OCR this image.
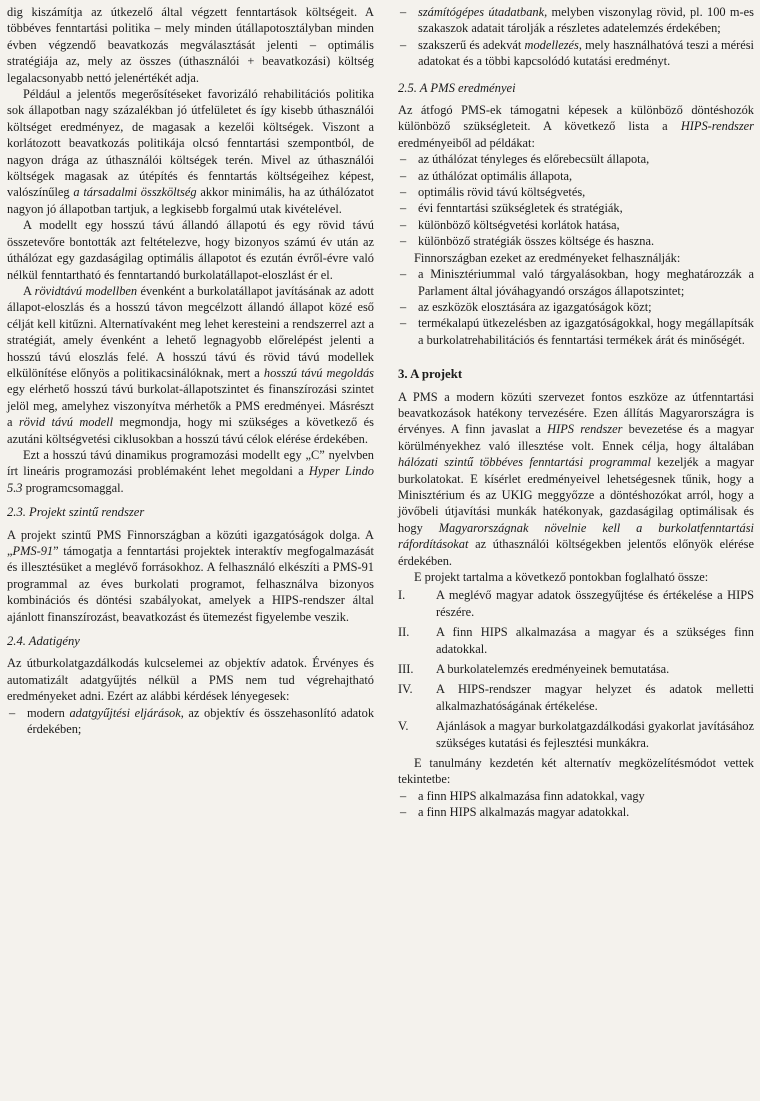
dig kiszámítja az útkezelő által végzett fenntartások költségeit. A többéves fenntartási politika – mely minden útállapotosztályban minden évben végzendő beavatkozás megválasztását jelenti – optimális stratégiája az, mely az összes (úthasználói + beavatkozási) költség legalacsonyabb nettó jelenértékét adja.

Például a jelentős megerősítéseket favorizáló rehabilitációs politika sok állapotban nagy százalékban jó útfelületet és így kisebb úthasználói költséget eredményez, de magasak a kezelői költségek. Viszont a korlátozott beavatkozás politikája olcsó fenntartási szempontból, de nagyon drága az úthasználói költségek terén. Mivel az úthasználói költségek magasak az útépítés és fenntartás költségeihez képest, valószínűleg a társadalmi összköltség akkor minimális, ha az úthálózatot nagyon jó állapotban tartjuk, a legkisebb forgalmú utak kivételével.

A modellt egy hosszú távú állandó állapotú és egy rövid távú összetevőre bontották azt feltételezve, hogy bizonyos számú év után az úthálózat egy gazdaságilag optimális állapotot és ezután évről-évre való nélkül fenntartható és fenntartandó burkolatállapot-eloszlást ér el.

A rövidtávú modellben évenként a burkolatállapot javításának az adott állapot-eloszlás és a hosszú távon megcélzott állandó állapot közé eső célját kell kitűzni. Alternatívaként meg lehet keresteini a rendszerrel azt a stratégiát, amely évenként a lehető legnagyobb előrelépést jelenti a hosszú távú eloszlás felé. A hosszú távú és rövid távú modellek elkülönítése előnyös a politikacsinálóknak, mert a hosszú távú megoldás egy elérhető hosszú távú burkolat-állapotszintet és finanszírozási szintet jelöl meg, amelyhez viszonyítva mérhetők a PMS eredményei. Másrészt a rövid távú modell megmondja, hogy mi szükséges a következő és azutáni költségvetési ciklusokban a hosszú távú célok elérése érdekében.

Ezt a hosszú távú dinamikus programozási modellt egy „C” nyelvben írt lineáris programozási problémaként lehet megoldani a Hyper Lindo 5.3 programcsomaggal.

2.3. Projekt szintű rendszer

A projekt szintű PMS Finnországban a közúti igazgatóságok dolga. A „PMS-91” támogatja a fenntartási projektek interaktív megfogalmazását és illesztésüket a meglévő forrásokhoz. A felhasználó elkészíti a PMS-91 programmal az éves burkolati programot, felhasználva bizonyos kombinációs és döntési szabályokat, amelyek a HIPS-rendszer által ajánlott finanszírozást, beavatkozást és ütemezést figyelembe veszik.

2.4. Adatigény

Az útburkolatgazdálkodás kulcselemei az objektív adatok. Érvényes és automatizált adatgyűjtés nélkül a PMS nem tud végrehajtható eredményeket adni. Ezért az alábbi kérdések lényegesek:

– modern adatgyűjtési eljárások, az objektív és összehasonlító adatok érdekében;
– számítógépes útadatbank, melyben viszonylag rövid, pl. 100 m-es szakaszok adatait tárolják a részletes adatelemzés érdekében;
– szakszerű és adekvát modellezés, mely használhatóvá teszi a mérési adatokat és a többi kapcsolódó kutatási eredményt.
2.5. A PMS eredményei

Az átfogó PMS-ek támogatni képesek a különböző döntéshozók különböző szükségleteit. A következő lista a HIPS-rendszer eredményeiből ad példákat:

– az úthálózat tényleges és előrebecsült állapota,
– az úthálózat optimális állapota,
– optimális rövid távú költségvetés,
– évi fenntartási szükségletek és stratégiák,
– különböző költségvetési korlátok hatása,
– különböző stratégiák összes költsége és haszna.

Finnországban ezeket az eredményeket felhasználják:

– a Minisztériummal való tárgyalásokban, hogy meghatározzák a Parlament által jóváhagyandó országos állapotszintet;
– az eszközök elosztására az igazgatóságok közt;
– termékalapú ütkezelésben az igazgatóságokkal, hogy megállapítsák a burkolatrehabilitációs és fenntartási termékek árát és minőségét.
3. A projekt

A PMS a modern közúti szervezet fontos eszköze az útfenntartási beavatkozások hatékony tervezésére. Ezen állítás Magyarországra is érvényes. A finn javaslat a HIPS rendszer bevezetése és a magyar körülményekhez való illesztése volt. Ennek célja, hogy általában hálózati szintű többéves fenntartási programmal kezeljék a magyar burkolatokat. E kísérlet eredményeivel lehetségesnek tűnik, hogy a Minisztérium és az UKIG meggyőzze a döntéshozókat arról, hogy a jövőbeli útjavítási munkák hatékonyak, gazdaságilag optimálisak és hogy Magyarországnak növelnie kell a burkolatfenntartási ráfordításokat az úthasználói költségekben jelentős előnyök elérése érdekében.

E projekt tartalma a következő pontokban foglalható össze:

I. A meglévő magyar adatok összegyűjtése és értékelése a HIPS részére.
II. A finn HIPS alkalmazása a magyar és a szükséges finn adatokkal.
III. A burkolatelemzés eredményeinek bemutatása.
IV. A HIPS-rendszer magyar helyzet és adatok melletti alkalmazhatóságának értékelése.
V. Ajánlások a magyar burkolatgazdálkodási gyakorlat javításához szükséges kutatási és fejlesztési munkákra.

E tanulmány kezdetén két alternatív megközelítésmódot vettek tekintetbe:

– a finn HIPS alkalmazása finn adatokkal, vagy
– a finn HIPS alkalmazás magyar adatokkal.
